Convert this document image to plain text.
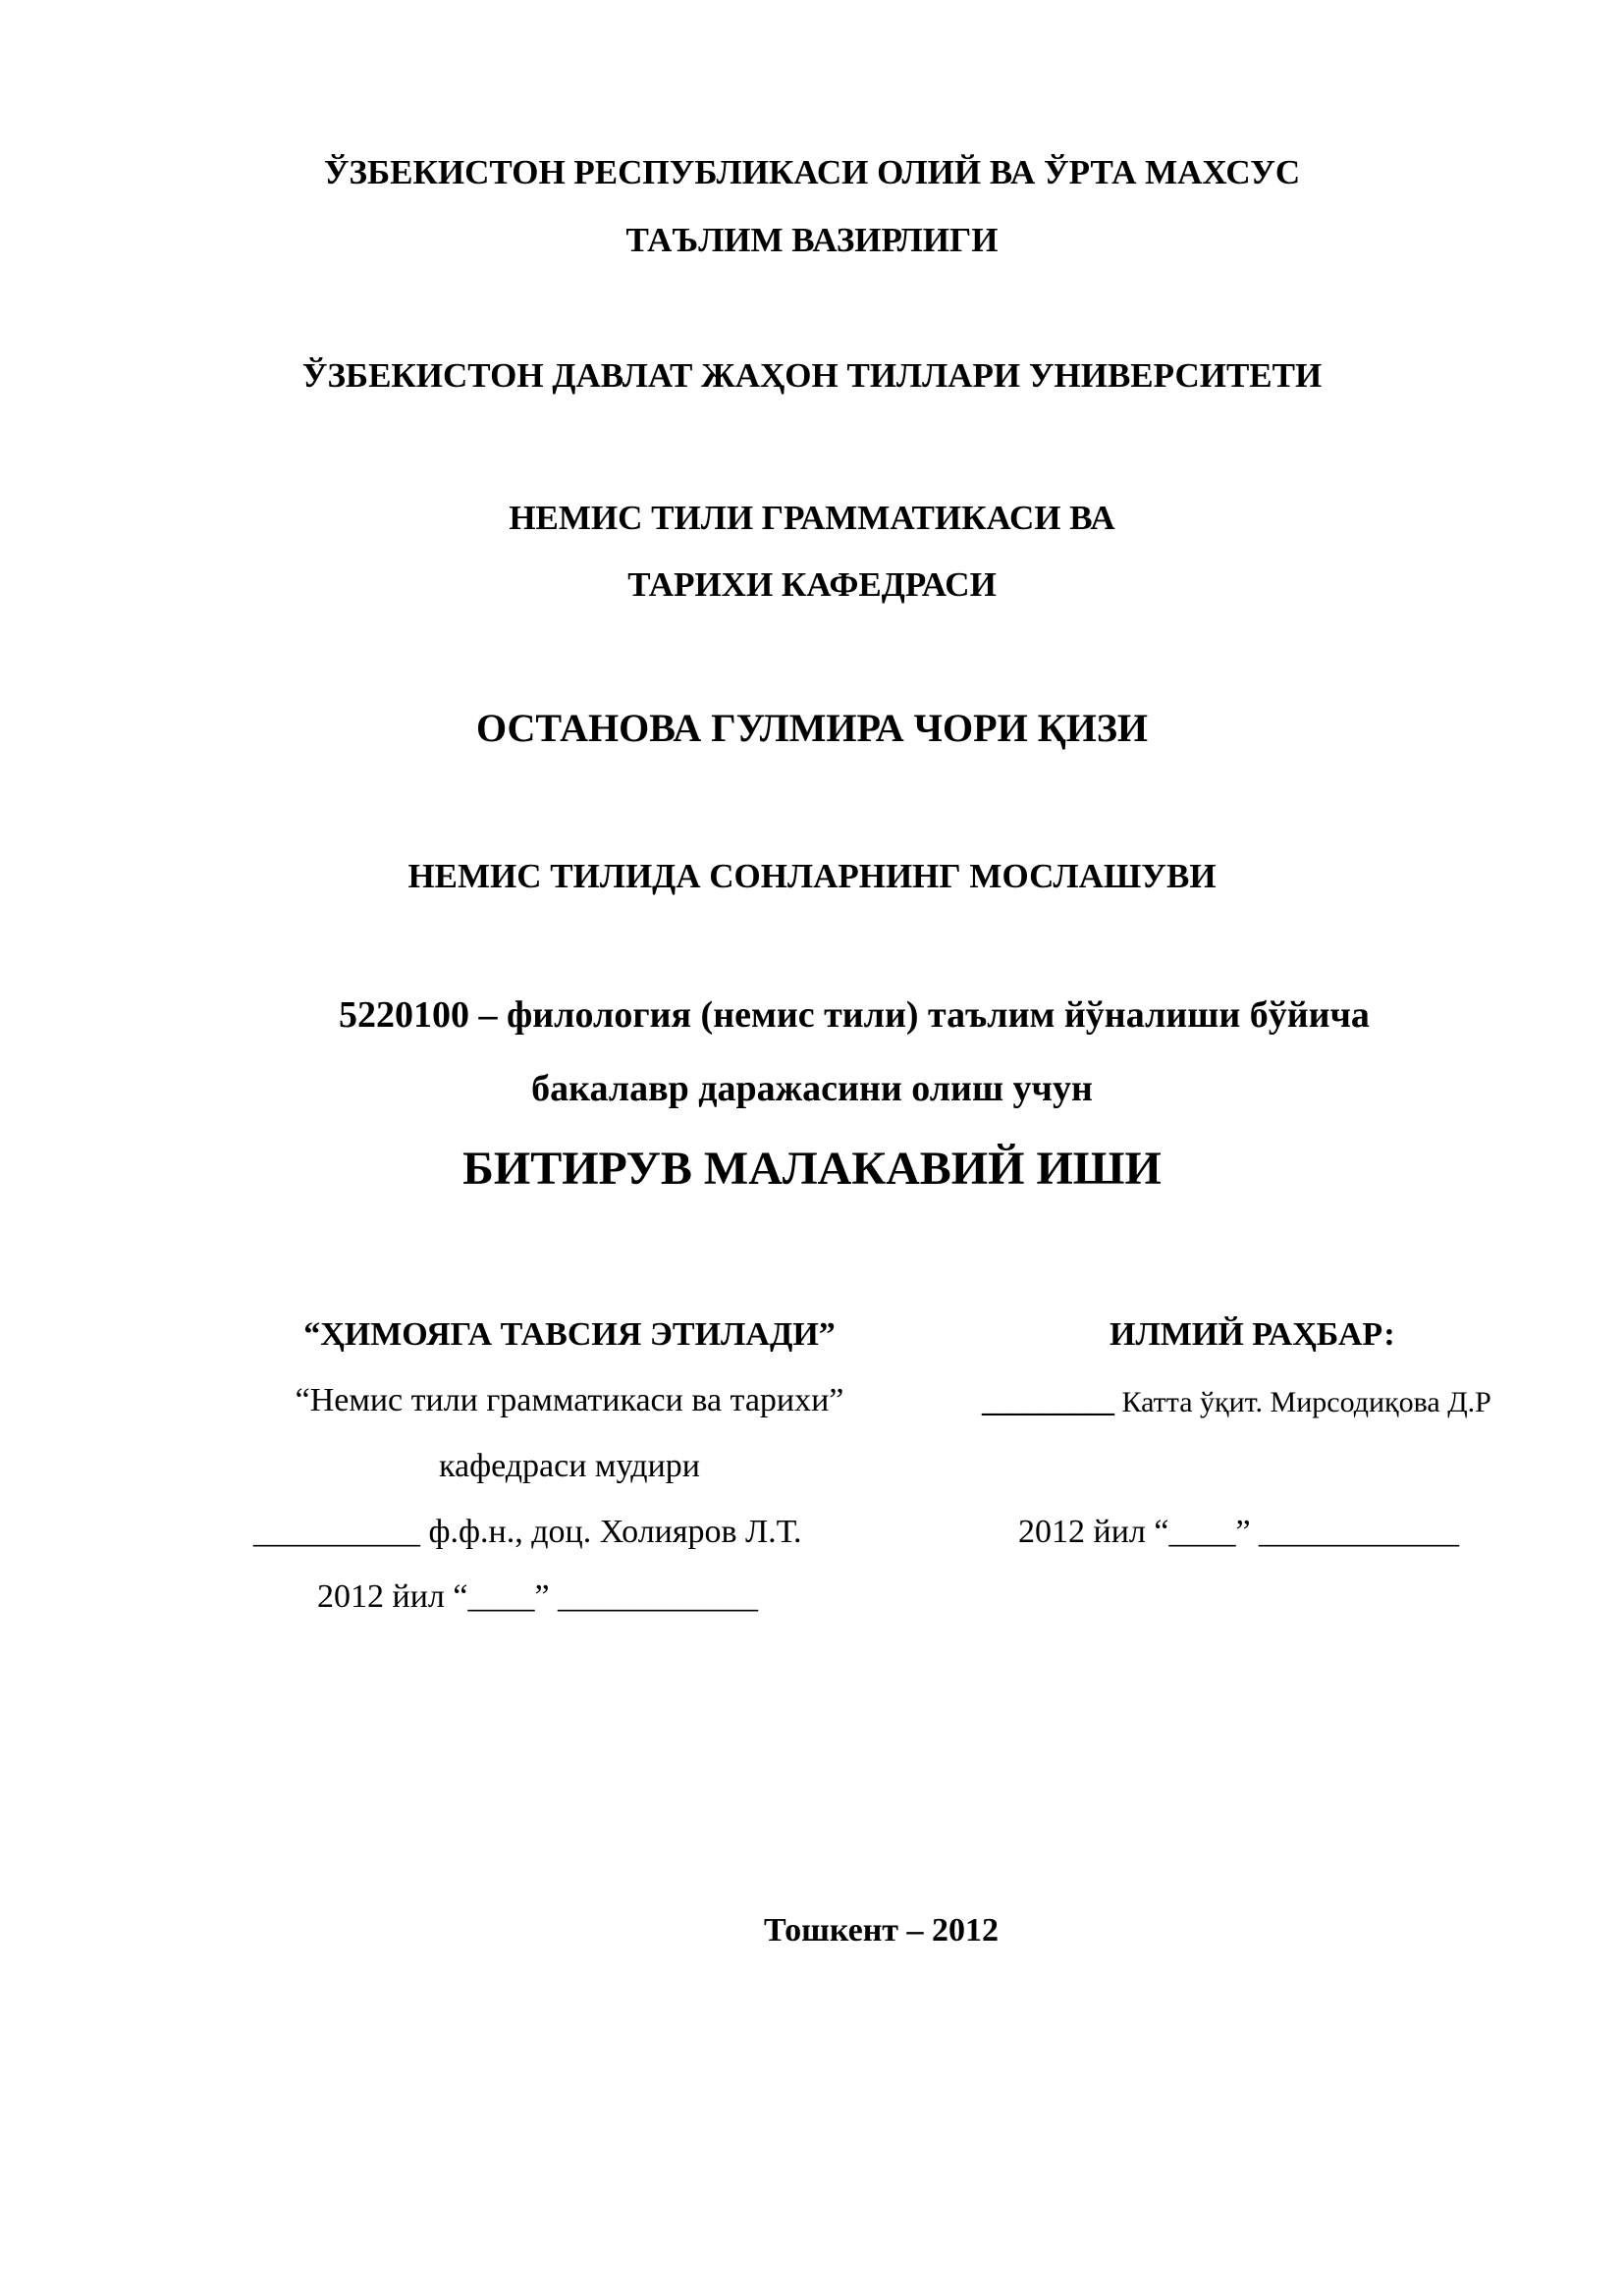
ЎЗБЕКИСТОН РЕСПУБЛИКАСИ ОЛИЙ ВА ЎРТА МАХСУС
ТАЪЛИМ ВАЗИРЛИГИ
ЎЗБЕКИСТОН ДАВЛАТ ЖАҲОН ТИЛЛАРИ УНИВЕРСИТЕТИ
НЕМИС ТИЛИ ГРАММАТИКАСИ ВА
ТАРИХИ КАФЕДРАСИ
ОСТАНОВА ГУЛМИРА ЧОРИ ҚИЗИ
НЕМИС ТИЛИДА СОНЛАРНИНГ МОСЛАШУВИ
5220100 – филология (немис тили) таълим йўналиши бўйича
бакалавр даражасини олиш учун
БИТИРУВ МАЛАКАВИЙ ИШИ
“ҲИМОЯГА ТАВСИЯ ЭТИЛАДИ”
“Немис тили грамматикаси ва тарихи”
кафедраси мудири
__________ ф.ф.н., доц. Холияров Л.Т.
2012 йил “____” ____________
ИЛМИЙ РАҲБАР:
_________ Катта ўқит. Мирсодиқова Д.Р
2012 йил “____” ____________
Тошкент – 2012
